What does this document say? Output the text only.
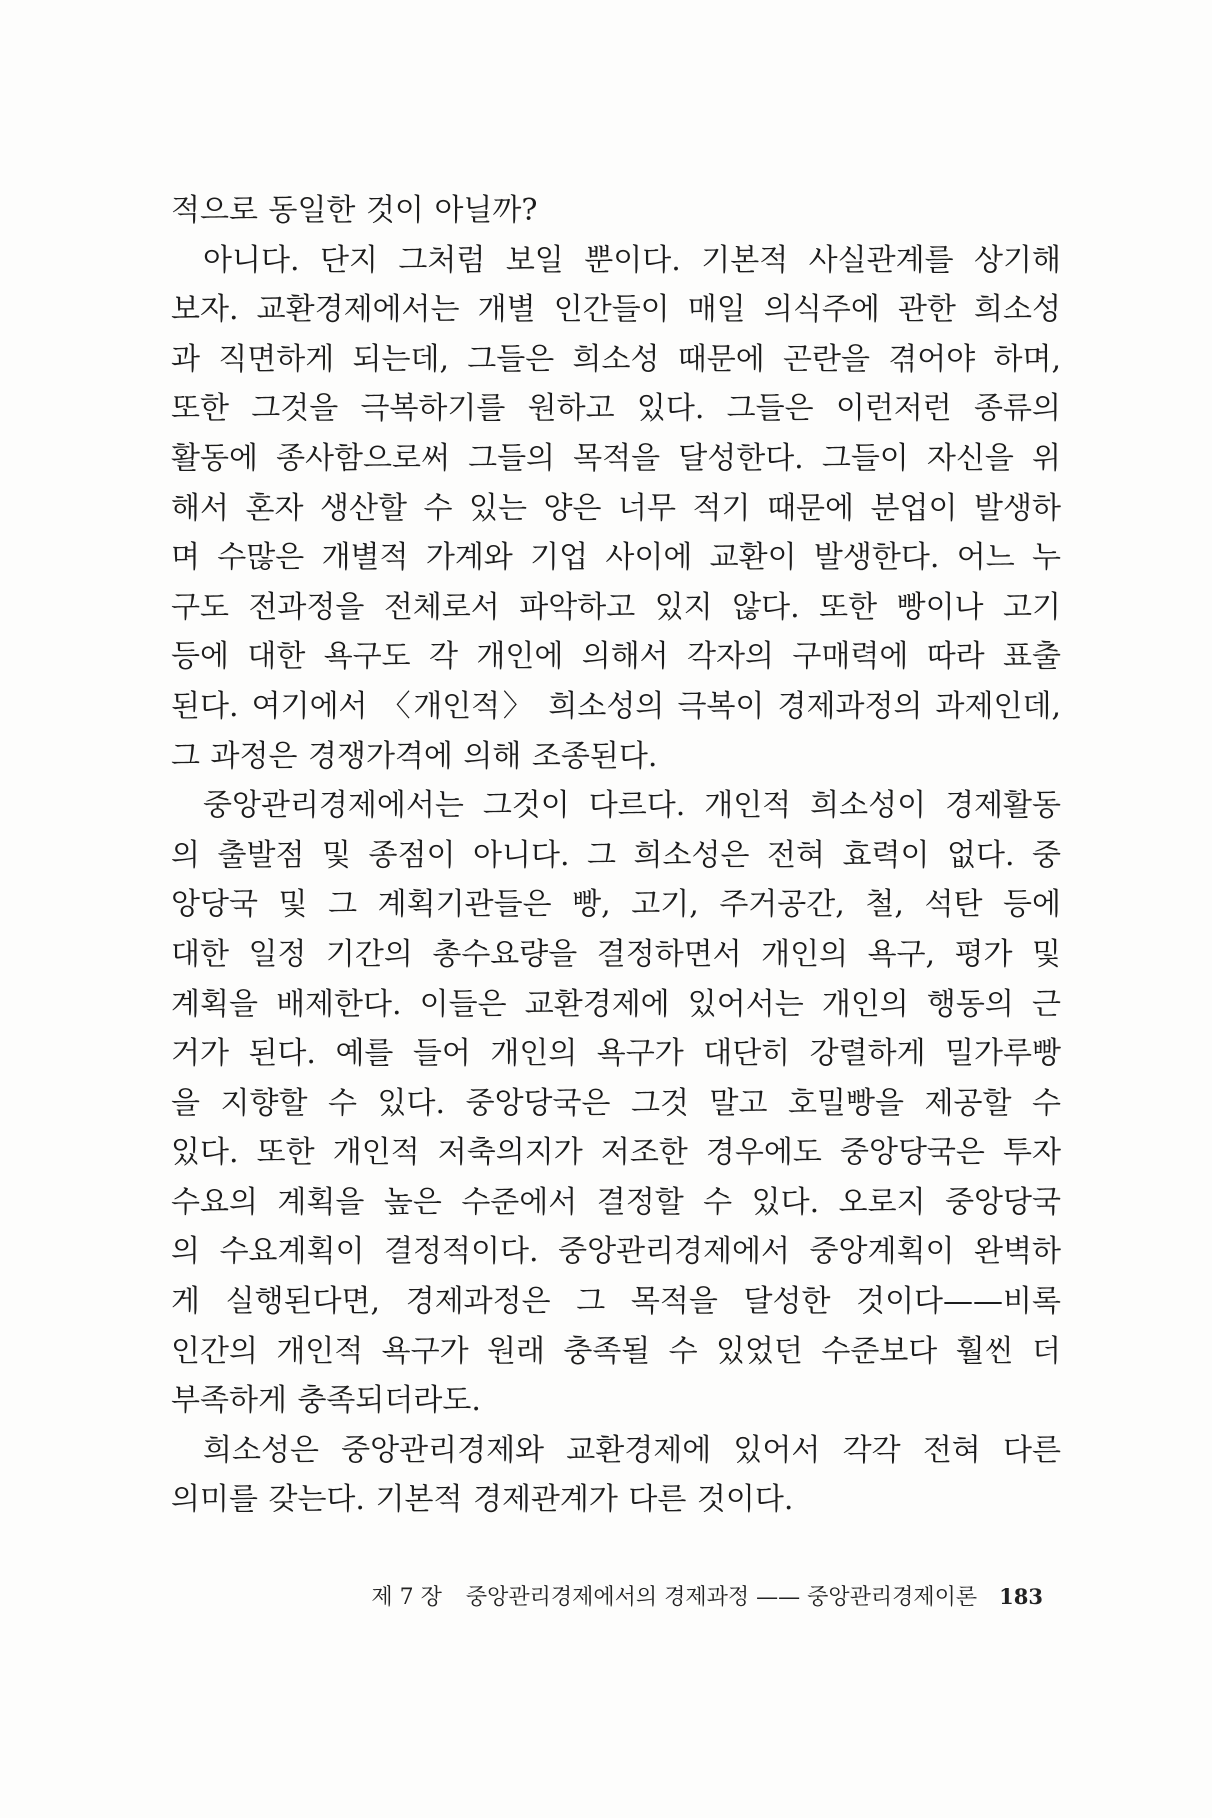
적으로 동일한 것이 아닐까?
아니다. 단지 그처럼 보일 뿐이다. 기본적 사실관계를 상기해
보자. 교환경제에서는 개별 인간들이 매일 의식주에 관한 희소성
과 직면하게 되는데, 그들은 희소성 때문에 곤란을 겪어야 하며,
또한 그것을 극복하기를 원하고 있다. 그들은 이런저런 종류의
활동에 종사함으로써 그들의 목적을 달성한다. 그들이 자신을 위
해서 혼자 생산할 수 있는 양은 너무 적기 때문에 분업이 발생하
며 수많은 개별적 가계와 기업 사이에 교환이 발생한다. 어느 누
구도 전과정을 전체로서 파악하고 있지 않다. 또한 빵이나 고기
등에 대한 욕구도 각 개인에 의해서 각자의 구매력에 따라 표출
된다. 여기에서 〈개인적〉 희소성의 극복이 경제과정의 과제인데,
그 과정은 경쟁가격에 의해 조종된다.
중앙관리경제에서는 그것이 다르다. 개인적 희소성이 경제활동
의 출발점 및 종점이 아니다. 그 희소성은 전혀 효력이 없다. 중
앙당국 및 그 계획기관들은 빵, 고기, 주거공간, 철, 석탄 등에
대한 일정 기간의 총수요량을 결정하면서 개인의 욕구, 평가 및
계획을 배제한다. 이들은 교환경제에 있어서는 개인의 행동의 근
거가 된다. 예를 들어 개인의 욕구가 대단히 강렬하게 밀가루빵
을 지향할 수 있다. 중앙당국은 그것 말고 호밀빵을 제공할 수
있다. 또한 개인적 저축의지가 저조한 경우에도 중앙당국은 투자
수요의 계획을 높은 수준에서 결정할 수 있다. 오로지 중앙당국
의 수요계획이 결정적이다. 중앙관리경제에서 중앙계획이 완벽하
게 실행된다면, 경제과정은 그 목적을 달성한 것이다——비록
인간의 개인적 욕구가 원래 충족될 수 있었던 수준보다 훨씬 더
부족하게 충족되더라도.
희소성은 중앙관리경제와 교환경제에 있어서 각각 전혀 다른
의미를 갖는다. 기본적 경제관계가 다른 것이다.
제 7 장 중앙관리경제에서의 경제과정 —— 중앙관리경제이론 183
